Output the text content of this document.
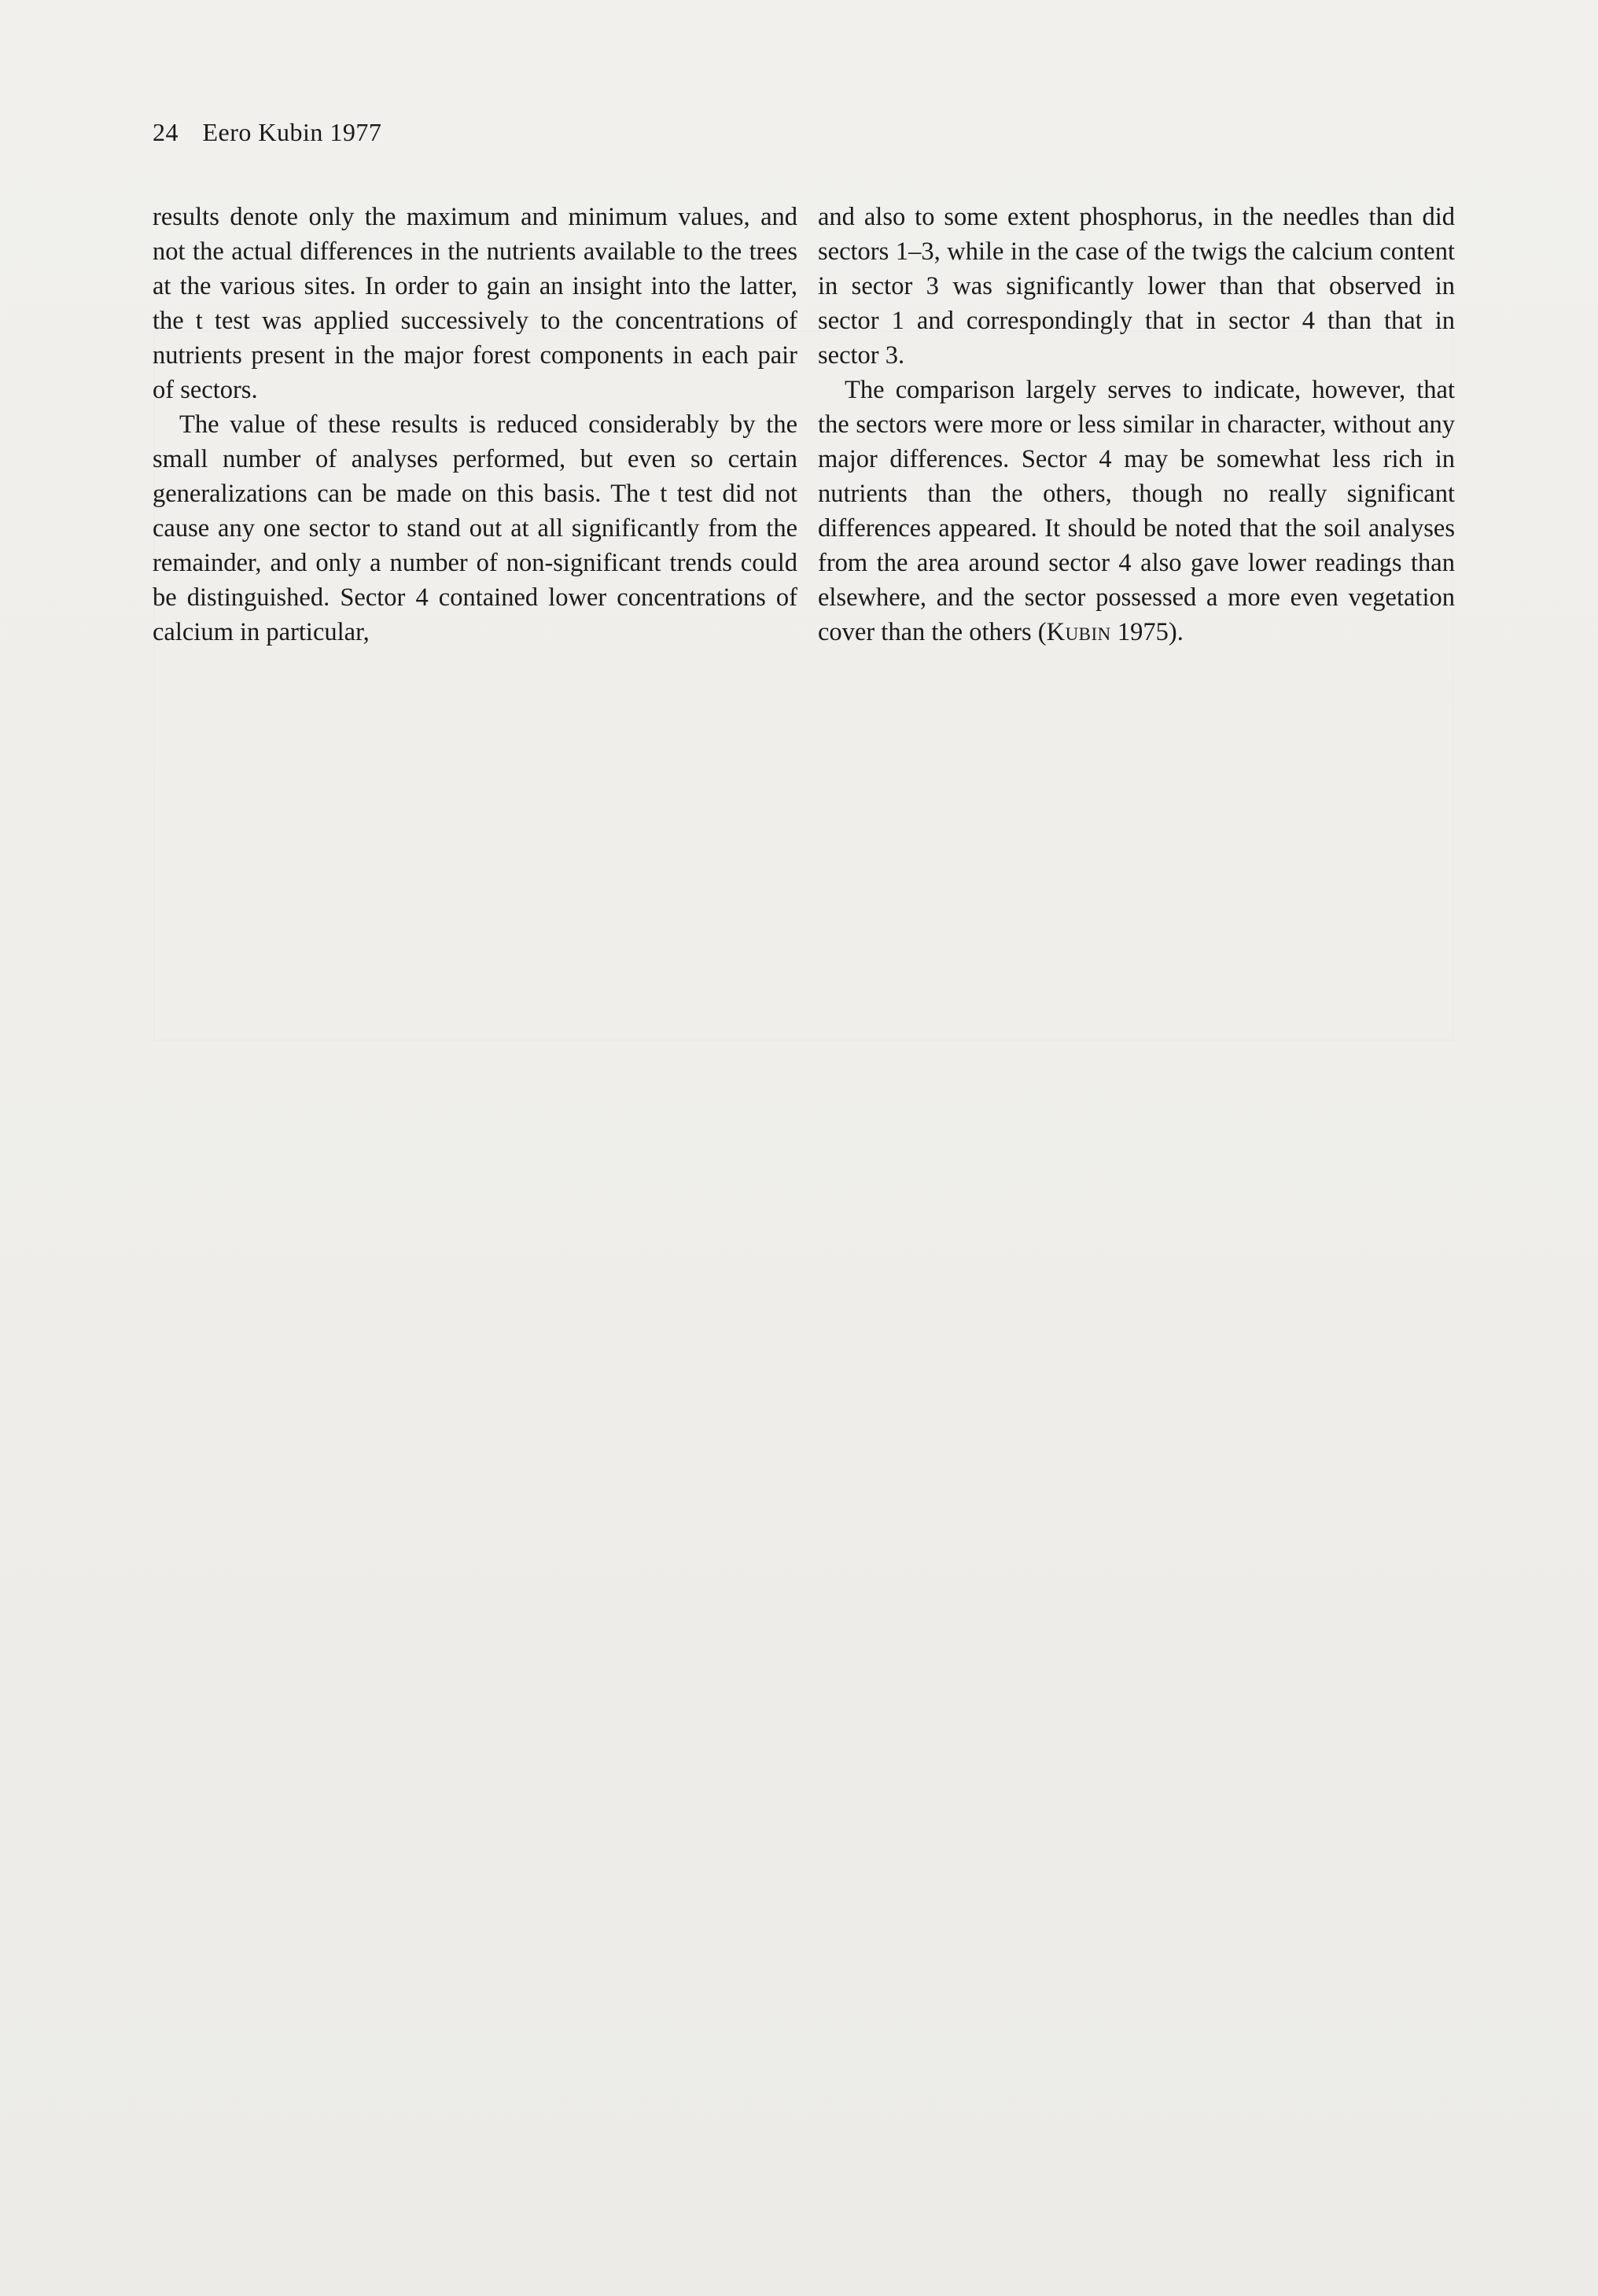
24 Eero Kubin 1977

results denote only the maximum and minimum values, and not the actual differences in the nutrients available to the trees at the various sites. In order to gain an insight into the latter, the t test was applied successively to the concentrations of nutrients present in the major forest components in each pair of sectors.

The value of these results is reduced considerably by the small number of analyses performed, but even so certain generalizations can be made on this basis. The t test did not cause any one sector to stand out at all significantly from the remainder, and only a number of non-significant trends could be distinguished. Sector 4 contained lower concentrations of calcium in particular,

and also to some extent phosphorus, in the needles than did sectors 1–3, while in the case of the twigs the calcium content in sector 3 was significantly lower than that observed in sector 1 and correspondingly that in sector 4 than that in sector 3.

The comparison largely serves to indicate, however, that the sectors were more or less similar in character, without any major differences. Sector 4 may be somewhat less rich in nutrients than the others, though no really significant differences appeared. It should be noted that the soil analyses from the area around sector 4 also gave lower readings than elsewhere, and the sector possessed a more even vegetation cover than the others (Kubin 1975).
